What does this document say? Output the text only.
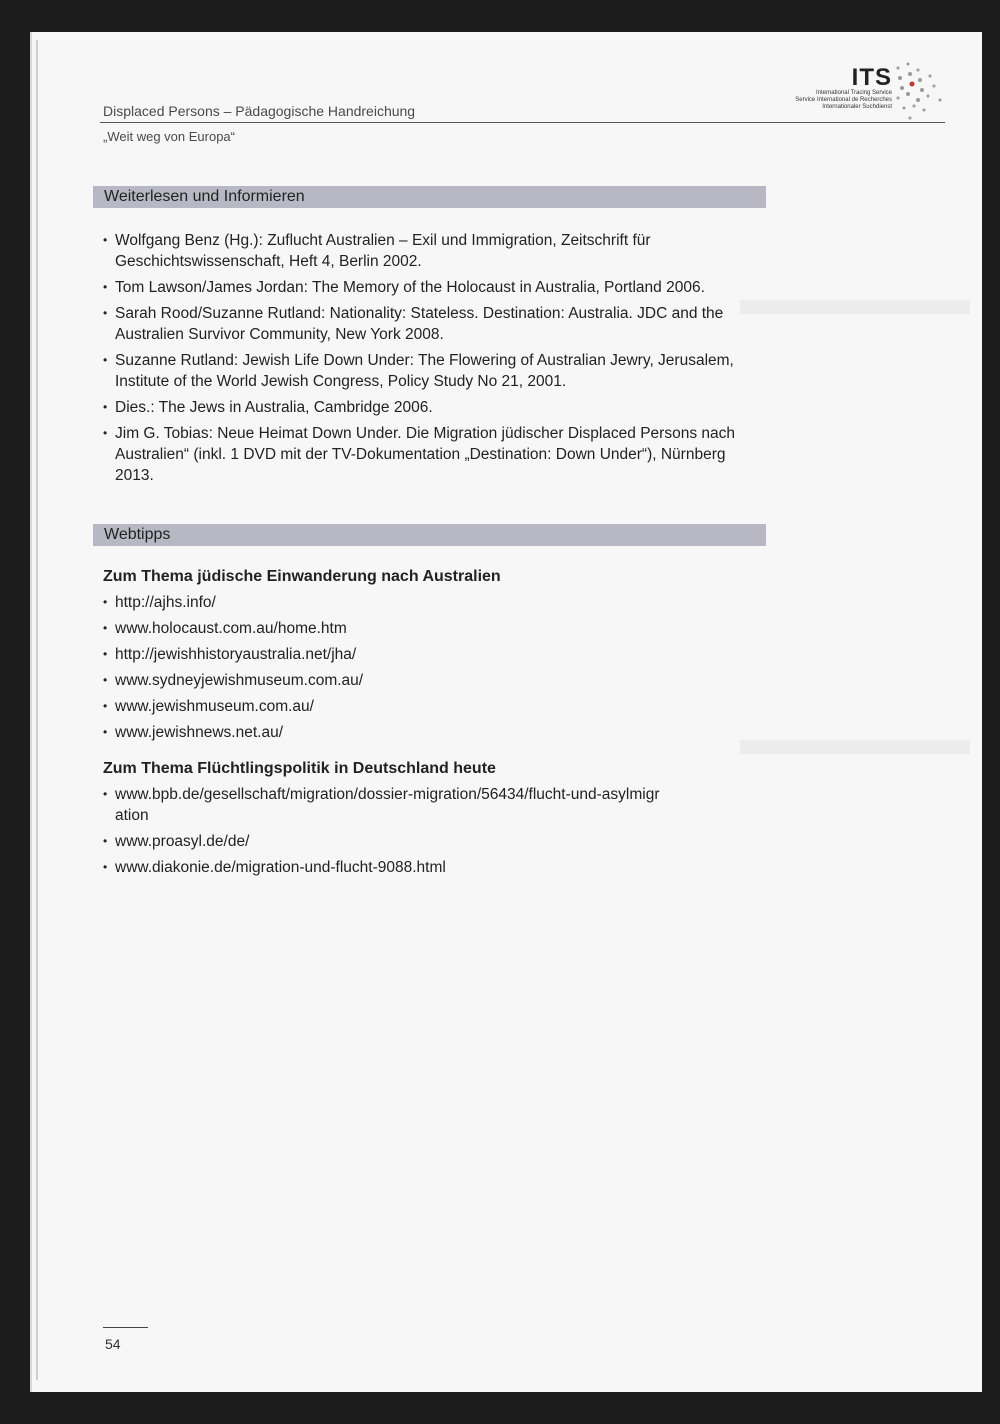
ITS
International Tracing Service
Service International de Recherches
Internationaler Suchdienst
Displaced Persons – Pädagogische Handreichung
„Weit weg von Europa“
Weiterlesen und Informieren
• Wolfgang Benz (Hg.): Zuflucht Australien – Exil und Immigration, Zeitschrift für Geschichtswissenschaft, Heft 4, Berlin 2002.
• Tom Lawson/James Jordan: The Memory of the Holocaust in Australia, Portland 2006.
• Sarah Rood/Suzanne Rutland: Nationality: Stateless. Destination: Australia. JDC and the Australien Survivor Community, New York 2008.
• Suzanne Rutland: Jewish Life Down Under: The Flowering of Australian Jewry, Jerusalem, Institute of the World Jewish Congress, Policy Study No 21, 2001.
• Dies.: The Jews in Australia, Cambridge 2006.
• Jim G. Tobias: Neue Heimat Down Under. Die Migration jüdischer Displaced Persons nach Australien“ (inkl. 1 DVD mit der TV-Dokumentation „Destination: Down Under“), Nürnberg 2013.
Webtipps
Zum Thema jüdische Einwanderung nach Australien
• http://ajhs.info/
• www.holocaust.com.au/home.htm
• http://jewishhistoryaustralia.net/jha/
• www.sydneyjewishmuseum.com.au/
• www.jewishmuseum.com.au/
• www.jewishnews.net.au/
Zum Thema Flüchtlingspolitik in Deutschland heute
• www.bpb.de/gesellschaft/migration/dossier-migration/56434/flucht-und-asylmigration
• www.proasyl.de/de/
• www.diakonie.de/migration-und-flucht-9088.html
54
